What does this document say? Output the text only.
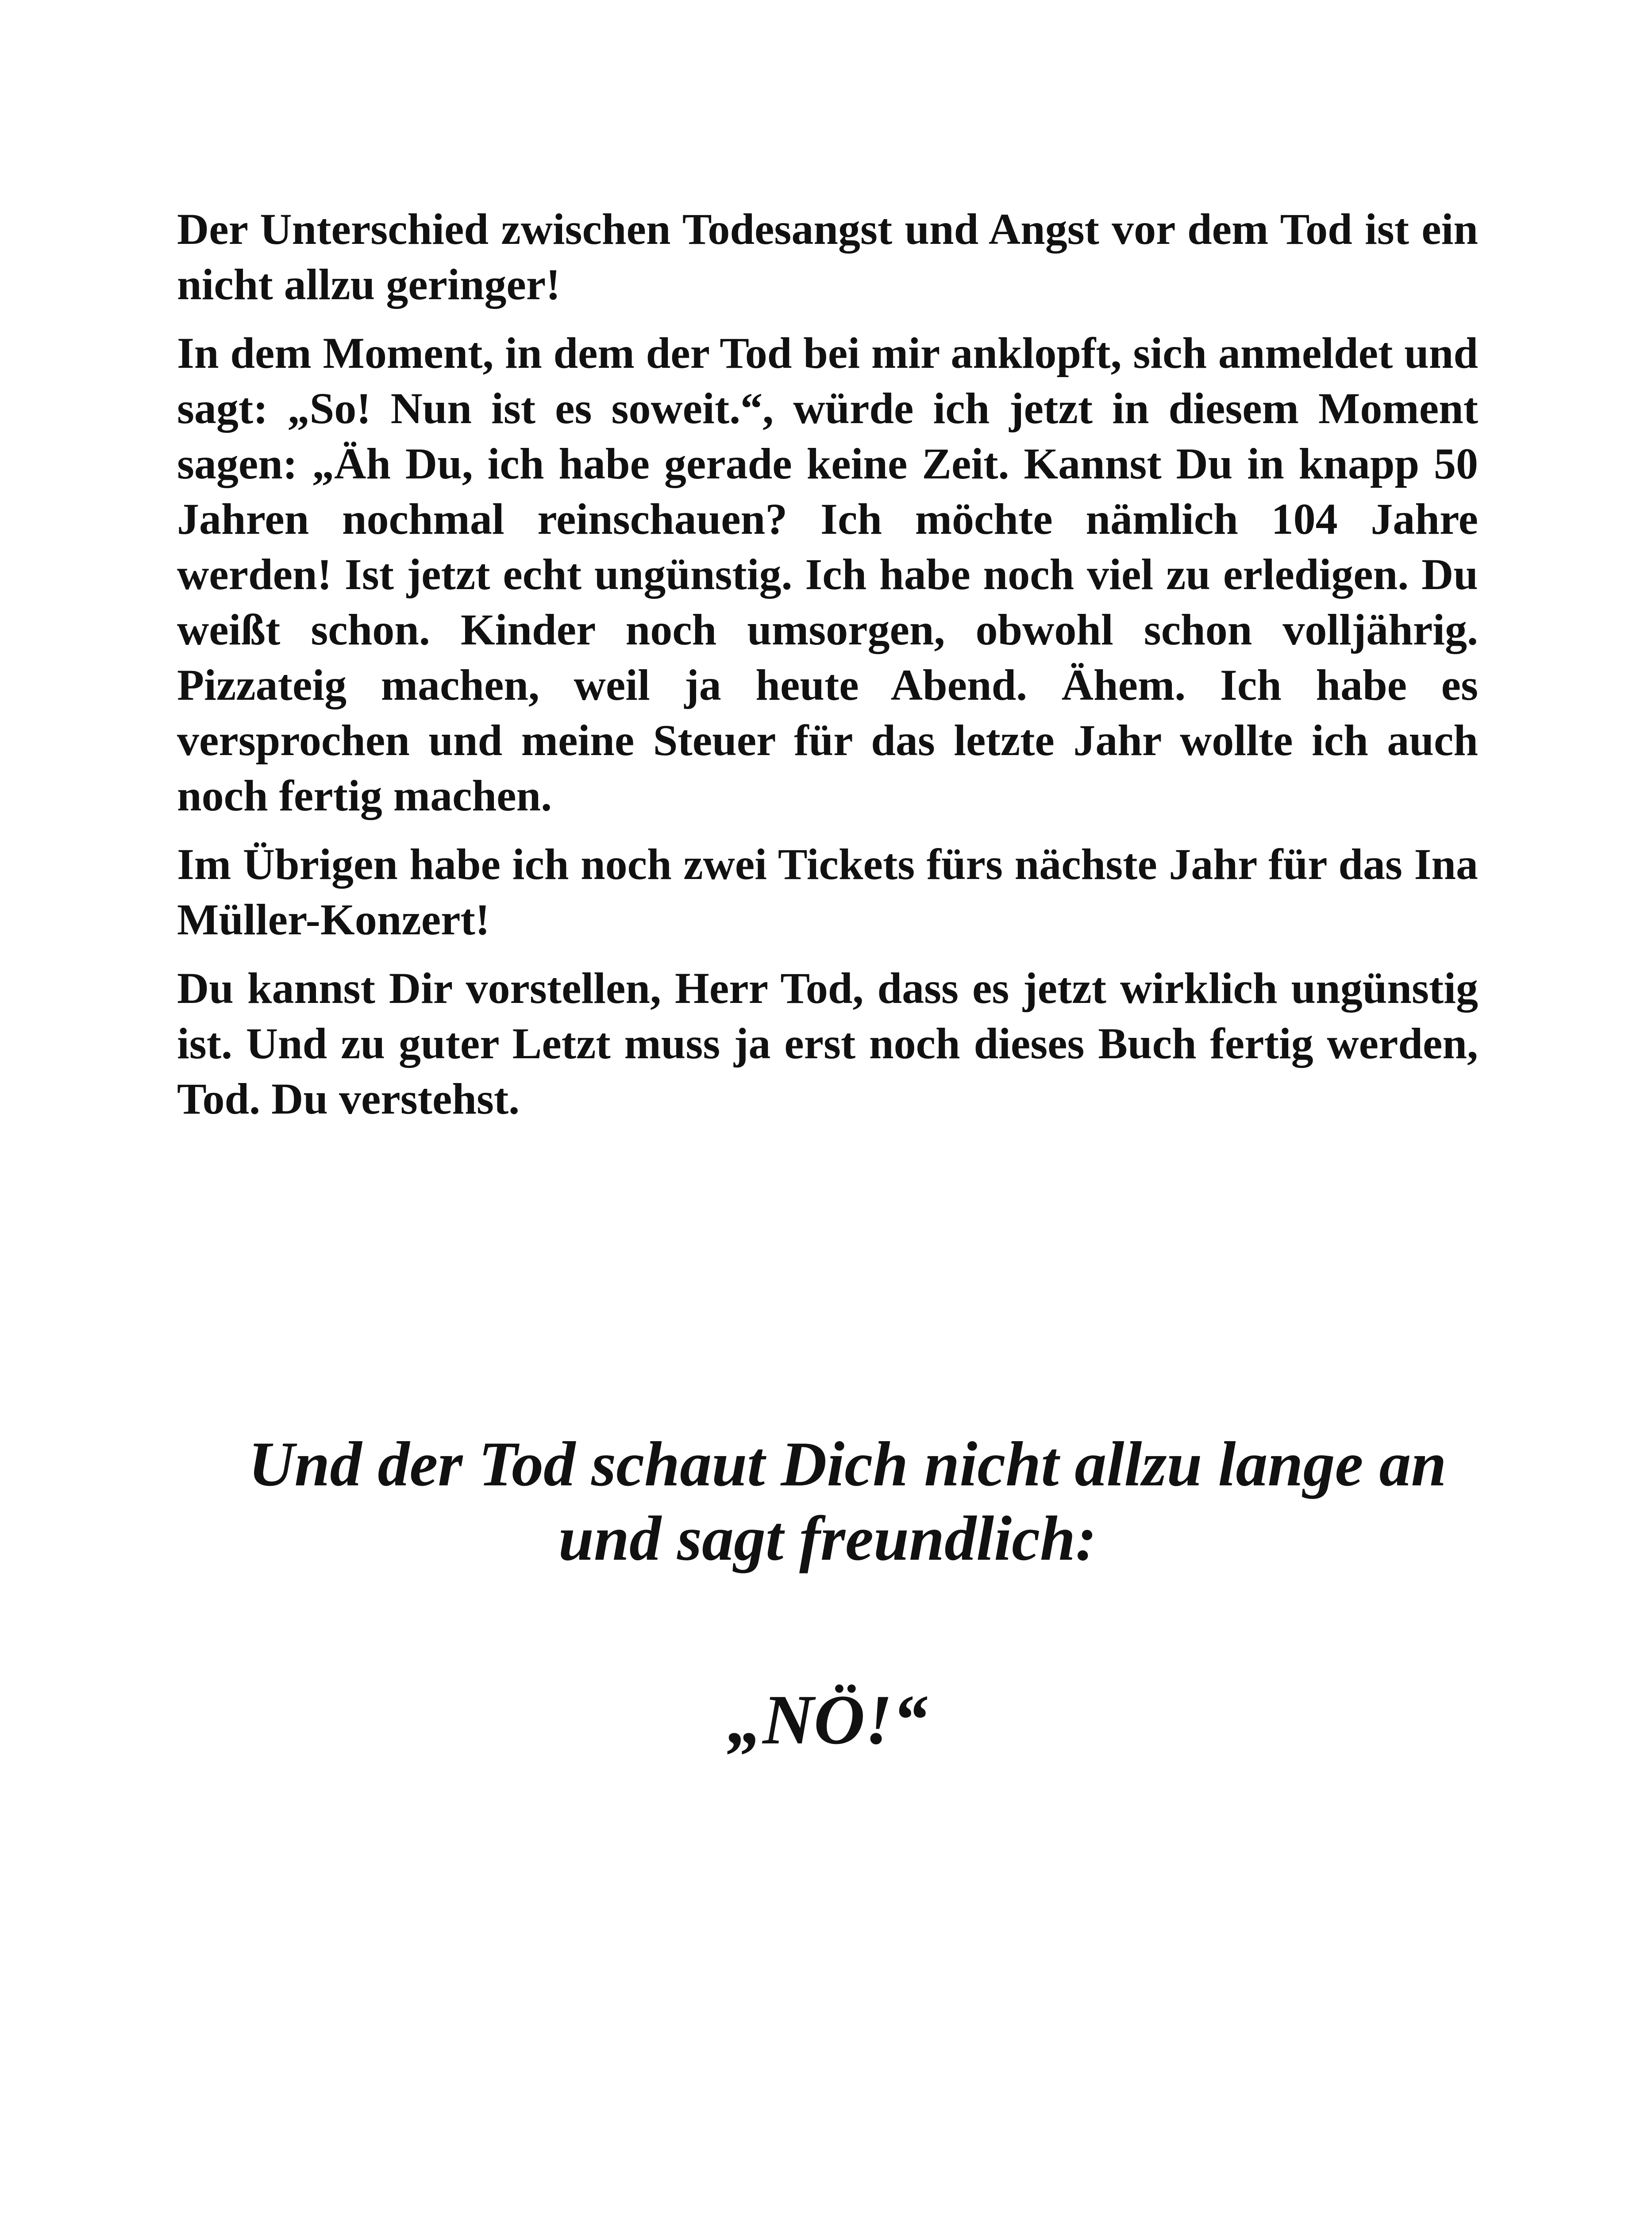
Der Unterschied zwischen Todesangst und Angst vor dem Tod ist ein nicht allzu geringer!

In dem Moment, in dem der Tod bei mir anklopft, sich anmeldet und sagt: „So! Nun ist es soweit.“, würde ich jetzt in diesem Moment sagen: „Äh Du, ich habe gerade keine Zeit. Kannst Du in knapp 50 Jahren nochmal reinschauen? Ich möchte nämlich 104 Jahre werden! Ist jetzt echt ungünstig. Ich habe noch viel zu erledigen. Du weißt schon. Kinder noch umsorgen, obwohl schon volljährig. Pizzateig machen, weil ja heute Abend. Ähem. Ich habe es versprochen und meine Steuer für das letzte Jahr wollte ich auch noch fertig machen.

Im Übrigen habe ich noch zwei Tickets fürs nächste Jahr für das Ina Müller-Konzert!

Du kannst Dir vorstellen, Herr Tod, dass es jetzt wirklich ungünstig ist. Und zu guter Letzt muss ja erst noch dieses Buch fertig werden, Tod. Du verstehst.

Und der Tod schaut Dich nicht allzu lange an
und sagt freundlich:
„NÖ!“
